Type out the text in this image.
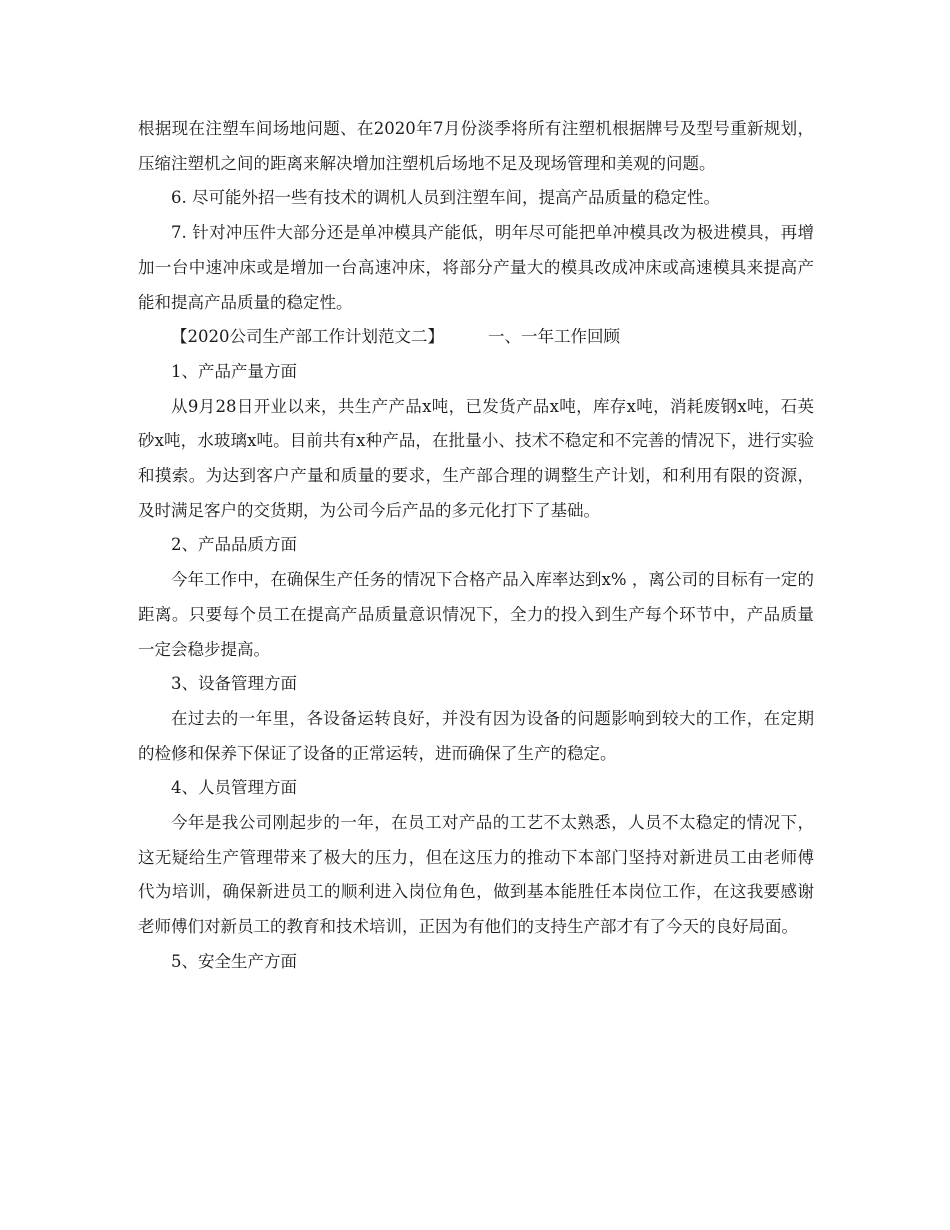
根据现在注塑车间场地问题、在2020年7月份淡季将所有注塑机根据牌号及型号重新规划，压缩注塑机之间的距离来解决增加注塑机后场地不足及现场管理和美观的问题。

6. 尽可能外招一些有技术的调机人员到注塑车间，提高产品质量的稳定性。

7. 针对冲压件大部分还是单冲模具产能低，明年尽可能把单冲模具改为极进模具，再增加一台中速冲床或是增加一台高速冲床，将部分产量大的模具改成冲床或高速模具来提高产能和提高产品质量的稳定性。

【2020公司生产部工作计划范文二】	一、一年工作回顾

1、产品产量方面

从9月28日开业以来，共生产产品x吨，已发货产品x吨，库存x吨，消耗废钢x吨，石英砂x吨，水玻璃x吨。目前共有x种产品，在批量小、技术不稳定和不完善的情况下，进行实验和摸索。为达到客户产量和质量的要求，生产部合理的调整生产计划，和利用有限的资源，及时满足客户的交货期，为公司今后产品的多元化打下了基础。

2、产品品质方面

今年工作中，在确保生产任务的情况下合格产品入库率达到x% ，离公司的目标有一定的距离。只要每个员工在提高产品质量意识情况下，全力的投入到生产每个环节中，产品质量一定会稳步提高。

3、设备管理方面

在过去的一年里，各设备运转良好，并没有因为设备的问题影响到较大的工作，在定期的检修和保养下保证了设备的正常运转，进而确保了生产的稳定。

4、人员管理方面

今年是我公司刚起步的一年，在员工对产品的工艺不太熟悉，人员不太稳定的情况下，这无疑给生产管理带来了极大的压力，但在这压力的推动下本部门坚持对新进员工由老师傅代为培训，确保新进员工的顺利进入岗位角色，做到基本能胜任本岗位工作，在这我要感谢老师傅们对新员工的教育和技术培训，正因为有他们的支持生产部才有了今天的良好局面。

5、安全生产方面
